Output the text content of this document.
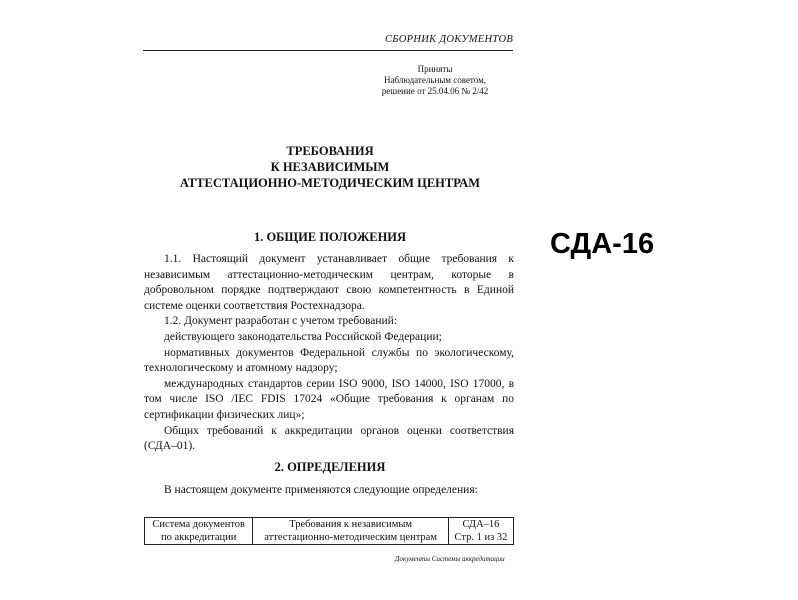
СБОРНИК ДОКУМЕНТОВ
Приняты
Наблюдательным советом,
решение от 25.04.06 № 2/42
ТРЕБОВАНИЯ
К НЕЗАВИСИМЫМ
АТТЕСТАЦИОННО-МЕТОДИЧЕСКИМ ЦЕНТРАМ
СДА-16
1. ОБЩИЕ ПОЛОЖЕНИЯ

1.1. Настоящий документ устанавливает общие требования к независимым аттестационно-методическим центрам, которые в добровольном порядке подтверждают свою компетентность в Единой системе оценки соответствия Ростехнадзора.

1.2. Документ разработан с учетом требований:

действующего законодательства Российской Федерации;

нормативных документов Федеральной службы по экологическому, технологическому и атомному надзору;

международных стандартов серии ISO 9000, ISO 14000, ISO 17000, в том числе ISO /IEC FDIS 17024 «Общие требования к органам по сертификации физических лиц»;

Общих требований к аккредитации органов оценки соответствия (СДА–01).

2. ОПРЕДЕЛЕНИЯ

В настоящем документе применяются следующие определения:

Система документов
по аккредитации

Требования к независимым
аттестационно-методическим центрам

СДА–16
Стр. 1 из 32
Документы Системы аккредитации
